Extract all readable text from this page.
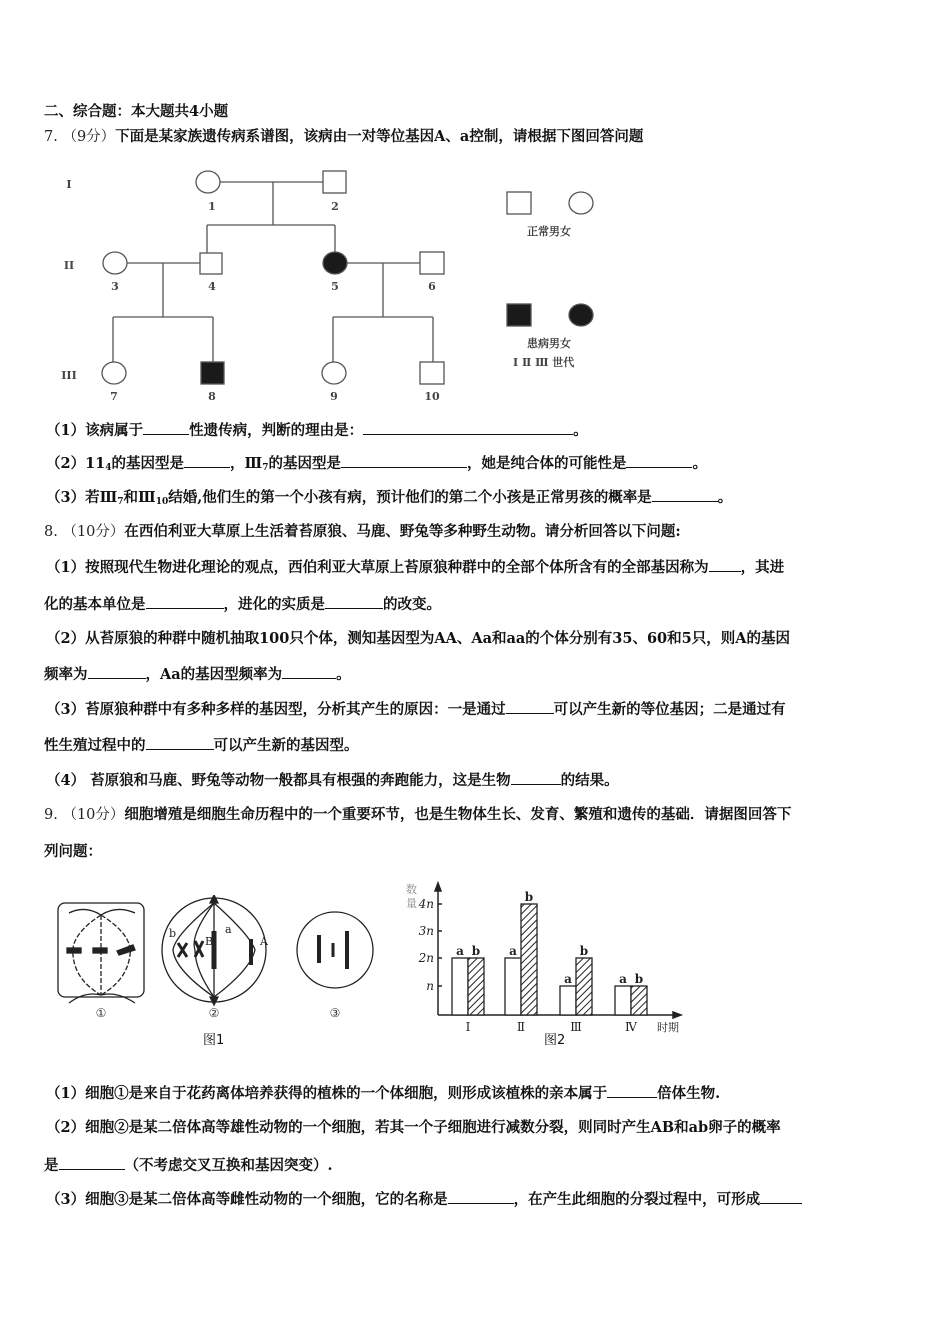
二、综合题：本大题共4小题
7. （9分）下面是某家族遗传病系谱图，该病由一对等位基因A、a控制，请根据下图回答问题
I
II
III
1	2
3	4	5	6
7	8	9	10
正常男女
患病男女
Ⅰ Ⅱ Ⅲ 世代
（1）该病属于	性遗传病，判断的理由是：	。
$(2)11_4$的基因型是	，$Ⅲ_7$的基因型是	，她是纯合体的可能性是	。
（3）若$Ⅲ_7$和$Ⅲ_{10}$结婚,他们生的第一个小孩有病，预计他们的第二个小孩是正常男孩的概率是	。
8. （10分）在西伯利亚大草原上生活着苔原狼、马鹿、野兔等多种野生动物。请分析回答以下问题:
（1）按照现代生物进化理论的观点，西伯利亚大草原上苔原狼种群中的全部个体所含有的全部基因称为 ，其进
化的基本单位是	，进化的实质是	的改变。
（2）从苔原狼的种群中随机抽取100只个体，测知基因型为AA、Aa和aa的个体分别有35、60和5只，则A的基因
频率为	，Aa的基因型频率为	。
（3）苔原狼种群中有多种多样的基因型，分析其产生的原因：一是通过	可以产生新的等位基因；二是通过有
性生殖过程中的	可以产生新的基因型。
（4） 苔原狼和马鹿、野兔等动物一般都具有根强的奔跑能力，这是生物	的结果。
9. （10分）细胞增殖是细胞生命历程中的一个重要环节，也是生物体生长、发育、繁殖和遗传的基础．请据图回答下
列问题：
b
B
a
A
①	②	③
图1
4n
3n
2n
n
数
量
a b a
b
a
b
a b
Ⅰ	Ⅱ	Ⅲ	Ⅳ 时期
图2
（1）细胞①是来自于花药离体培养获得的植株的一个体细胞，则形成该植株的亲本属于	倍体生物.
（2）细胞②是某二倍体高等雄性动物的一个细胞，若其一个子细胞进行减数分裂，则同时产生AB和ab卵子的概率
是	（不考虑交叉互换和基因突变）.
（3）细胞③是某二倍体高等雌性动物的一个细胞，它的名称是	，在产生此细胞的分裂过程中，可形成
